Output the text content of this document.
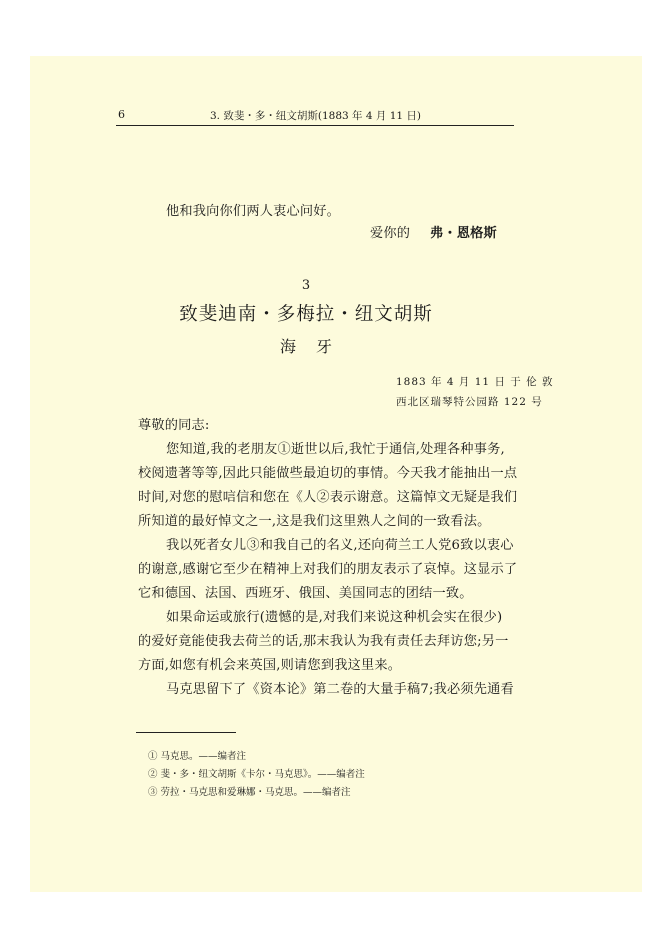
6	3. 致斐・多・纽文胡斯(1883 年 4 月 11 日)
他和我向你们两人衷心问好。
爱你的 弗・恩格斯
3
致斐迪南・多梅拉・纽文胡斯
海牙
1883 年 4 月 11 日 于 伦 敦
西北区瑞琴特公园路 122 号
尊敬的同志:
您知道,我的老朋友①逝世以后,我忙于通信,处理各种事务,
校阅遗著等等,因此只能做些最迫切的事情。今天我才能抽出一点
时间,对您的慰唁信和您在《人②表示谢意。这篇悼文无疑是我们
所知道的最好悼文之一,这是我们这里熟人之间的一致看法。
我以死者女儿③和我自己的名义,还向荷兰工人党6致以衷心
的谢意,感谢它至少在精神上对我们的朋友表示了哀悼。这显示了
它和德国、法国、西班牙、俄国、美国同志的团结一致。
如果命运或旅行(遗憾的是,对我们来说这种机会实在很少)
的爱好竟能使我去荷兰的话,那末我认为我有责任去拜访您;另一
方面,如您有机会来英国,则请您到我这里来。
马克思留下了《资本论》第二卷的大量手稿7;我必须先通看
① 马克思。——编者注
② 斐・多・纽文胡斯《卡尔・马克思》。——编者注
③ 劳拉・马克思和爱琳娜・马克思。——编者注
